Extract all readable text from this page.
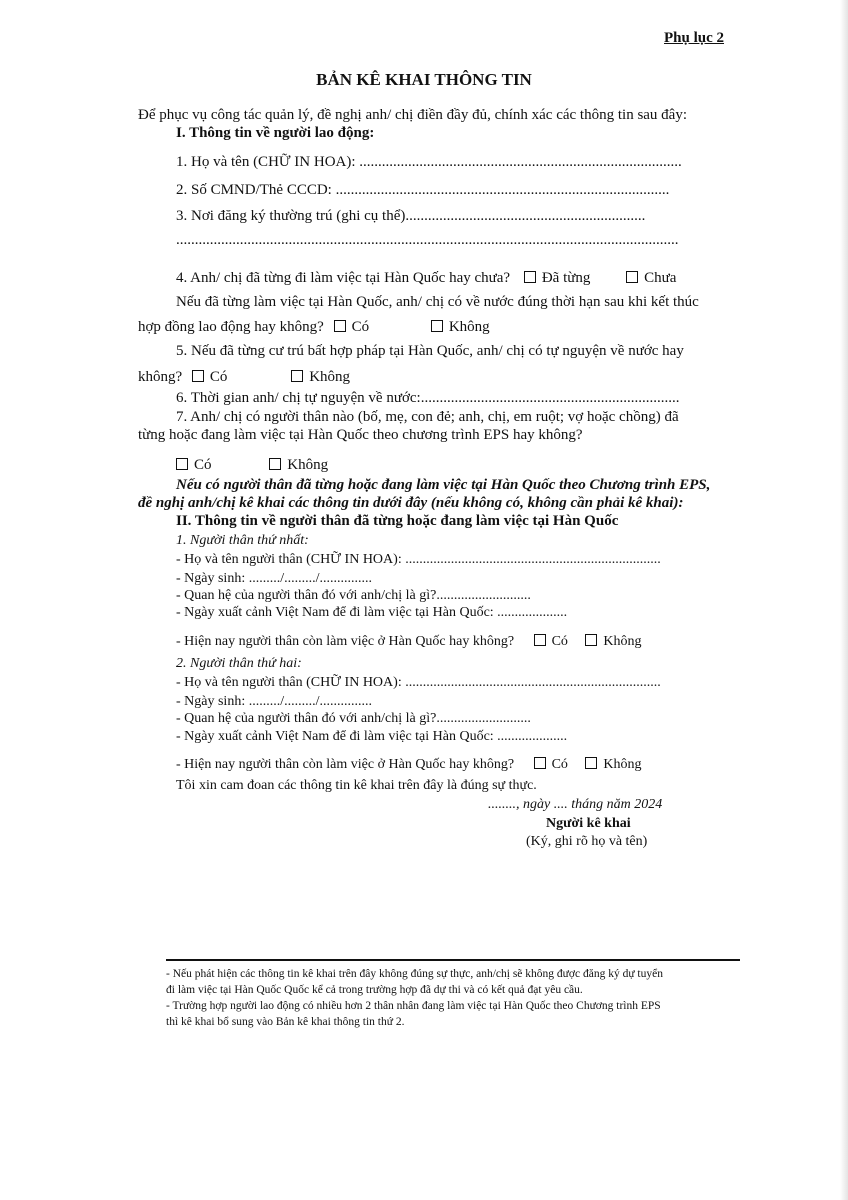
Phụ lục 2
BẢN KÊ KHAI THÔNG TIN
Để phục vụ công tác quản lý, đề nghị anh/ chị điền đầy đủ, chính xác các thông tin sau đây:
I. Thông tin về người lao động:
1. Họ và tên (CHỮ IN HOA): ......................................................................................
2. Số CMND/Thẻ CCCD: .........................................................................................
3. Nơi đăng ký thường trú (ghi cụ thể)................................................................
......................................................................................................................................
4. Anh/ chị đã từng đi làm việc tại Hàn Quốc hay chưa? Đã từng	Chưa
Nếu đã từng làm việc tại Hàn Quốc, anh/ chị có về nước đúng thời hạn sau khi kết thúc
hợp đồng lao động hay không? Có	Không
5. Nếu đã từng cư trú bất hợp pháp tại Hàn Quốc, anh/ chị có tự nguyện về nước hay
không? Có	Không
6. Thời gian anh/ chị tự nguyện về nước:.....................................................................
7. Anh/ chị có người thân nào (bố, mẹ, con đẻ; anh, chị, em ruột; vợ hoặc chồng) đã
từng hoặc đang làm việc tại Hàn Quốc theo chương trình EPS hay không?
Có	Không
Nếu có người thân đã từng hoặc đang làm việc tại Hàn Quốc theo Chương trình EPS,
đề nghị anh/chị kê khai các thông tin dưới đây (nếu không có, không cần phải kê khai):
II. Thông tin về người thân đã từng hoặc đang làm việc tại Hàn Quốc
1. Người thân thứ nhất:
- Họ và tên người thân (CHỮ IN HOA): .........................................................................
- Ngày sinh: ........./........./...............
- Quan hệ của người thân đó với anh/chị là gì?...........................
- Ngày xuất cảnh Việt Nam để đi làm việc tại Hàn Quốc: ....................
- Hiện nay người thân còn làm việc ở Hàn Quốc hay không?	Có	Không
2. Người thân thứ hai:
- Họ và tên người thân (CHỮ IN HOA): .........................................................................
- Ngày sinh: ........./........./...............
- Quan hệ của người thân đó với anh/chị là gì?...........................
- Ngày xuất cảnh Việt Nam để đi làm việc tại Hàn Quốc: ....................
- Hiện nay người thân còn làm việc ở Hàn Quốc hay không?	Có	Không
Tôi xin cam đoan các thông tin kê khai trên đây là đúng sự thực.
........, ngày .... tháng năm 2024
Người kê khai
(Ký, ghi rõ họ và tên)
- Nếu phát hiện các thông tin kê khai trên đây không đúng sự thực, anh/chị sẽ không được đăng ký dự tuyển
đi làm việc tại Hàn Quốc Quốc kể cả trong trường hợp đã dự thi và có kết quả đạt yêu cầu.
- Trường hợp người lao động có nhiều hơn 2 thân nhân đang làm việc tại Hàn Quốc theo Chương trình EPS
thì kê khai bổ sung vào Bản kê khai thông tin thứ 2.
